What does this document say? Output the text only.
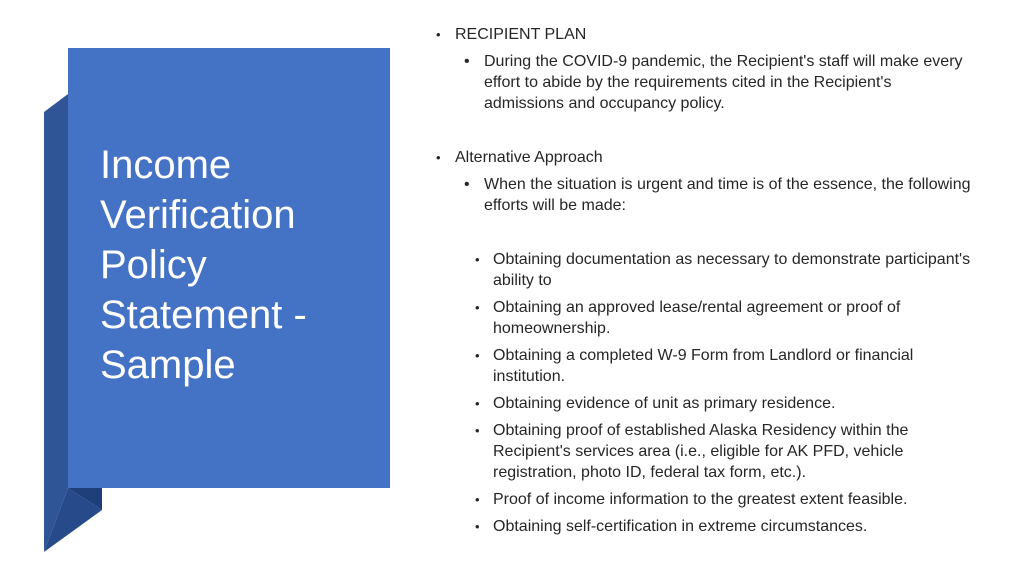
Income
Verification
Policy
Statement -
Sample
• RECIPIENT PLAN
• During the COVID-9 pandemic, the Recipient's staff will make every effort to abide by the requirements cited in the Recipient's admissions and occupancy policy.
• Alternative Approach
• When the situation is urgent and time is of the essence, the following efforts will be made:
• Obtaining documentation as necessary to demonstrate participant's ability to
• Obtaining an approved lease/rental agreement or proof of homeownership.
• Obtaining a completed W-9 Form from Landlord or financial institution.
• Obtaining evidence of unit as primary residence.
• Obtaining proof of established Alaska Residency within the Recipient's services area (i.e., eligible for AK PFD, vehicle registration, photo ID, federal tax form, etc.).
• Proof of income information to the greatest extent feasible.
• Obtaining self-certification in extreme circumstances.
